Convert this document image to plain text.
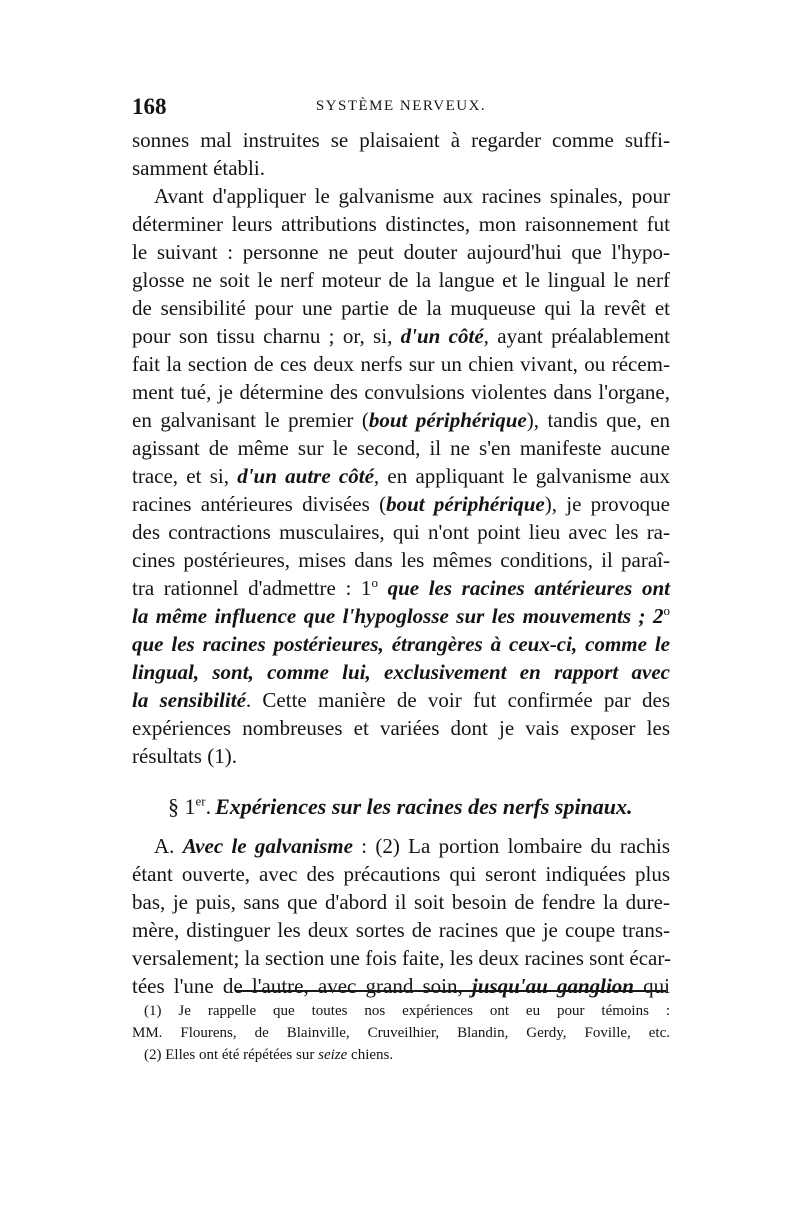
168	SYSTÈME NERVEUX.
sonnes mal instruites se plaisaient à regarder comme suffi-
samment établi.
Avant d'appliquer le galvanisme aux racines spinales, pour
déterminer leurs attributions distinctes, mon raisonnement fut
le suivant : personne ne peut douter aujourd'hui que l'hypo-
glosse ne soit le nerf moteur de la langue et le lingual le nerf
de sensibilité pour une partie de la muqueuse qui la revêt et
pour son tissu charnu ; or, si, d'un côté, ayant préalablement
fait la section de ces deux nerfs sur un chien vivant, ou récem-
ment tué, je détermine des convulsions violentes dans l'organe,
en galvanisant le premier (bout périphérique), tandis que, en
agissant de même sur le second, il ne s'en manifeste aucune
trace, et si, d'un autre côté, en appliquant le galvanisme aux
racines antérieures divisées (bout périphérique), je provoque
des contractions musculaires, qui n'ont point lieu avec les ra-
cines postérieures, mises dans les mêmes conditions, il paraî-
tra rationnel d'admettre : 1$^o$ que les racines antérieures ont
la même influence que l'hypoglosse sur les mouvements ; 2$^o$
que les racines postérieures, étrangères à ceux-ci, comme le
lingual, sont, comme lui, exclusivement en rapport avec
la sensibilité. Cette manière de voir fut confirmée par des
expériences nombreuses et variées dont je vais exposer les
résultats (1).
§ 1er. Expériences sur les racines des nerfs spinaux.
A. Avec le galvanisme : (2) La portion lombaire du rachis
étant ouverte, avec des précautions qui seront indiquées plus
bas, je puis, sans que d'abord il soit besoin de fendre la dure-
mère, distinguer les deux sortes de racines que je coupe trans-
versalement; la section une fois faite, les deux racines sont écar-
tées l'une de l'autre, avec grand soin, jusqu'au ganglion qui
(1) Je rappelle que toutes nos expériences ont eu pour témoins :
MM. Flourens, de Blainville, Cruveilhier, Blandin, Gerdy, Foville, etc.
(2) Elles ont été répétées sur seize chiens.
